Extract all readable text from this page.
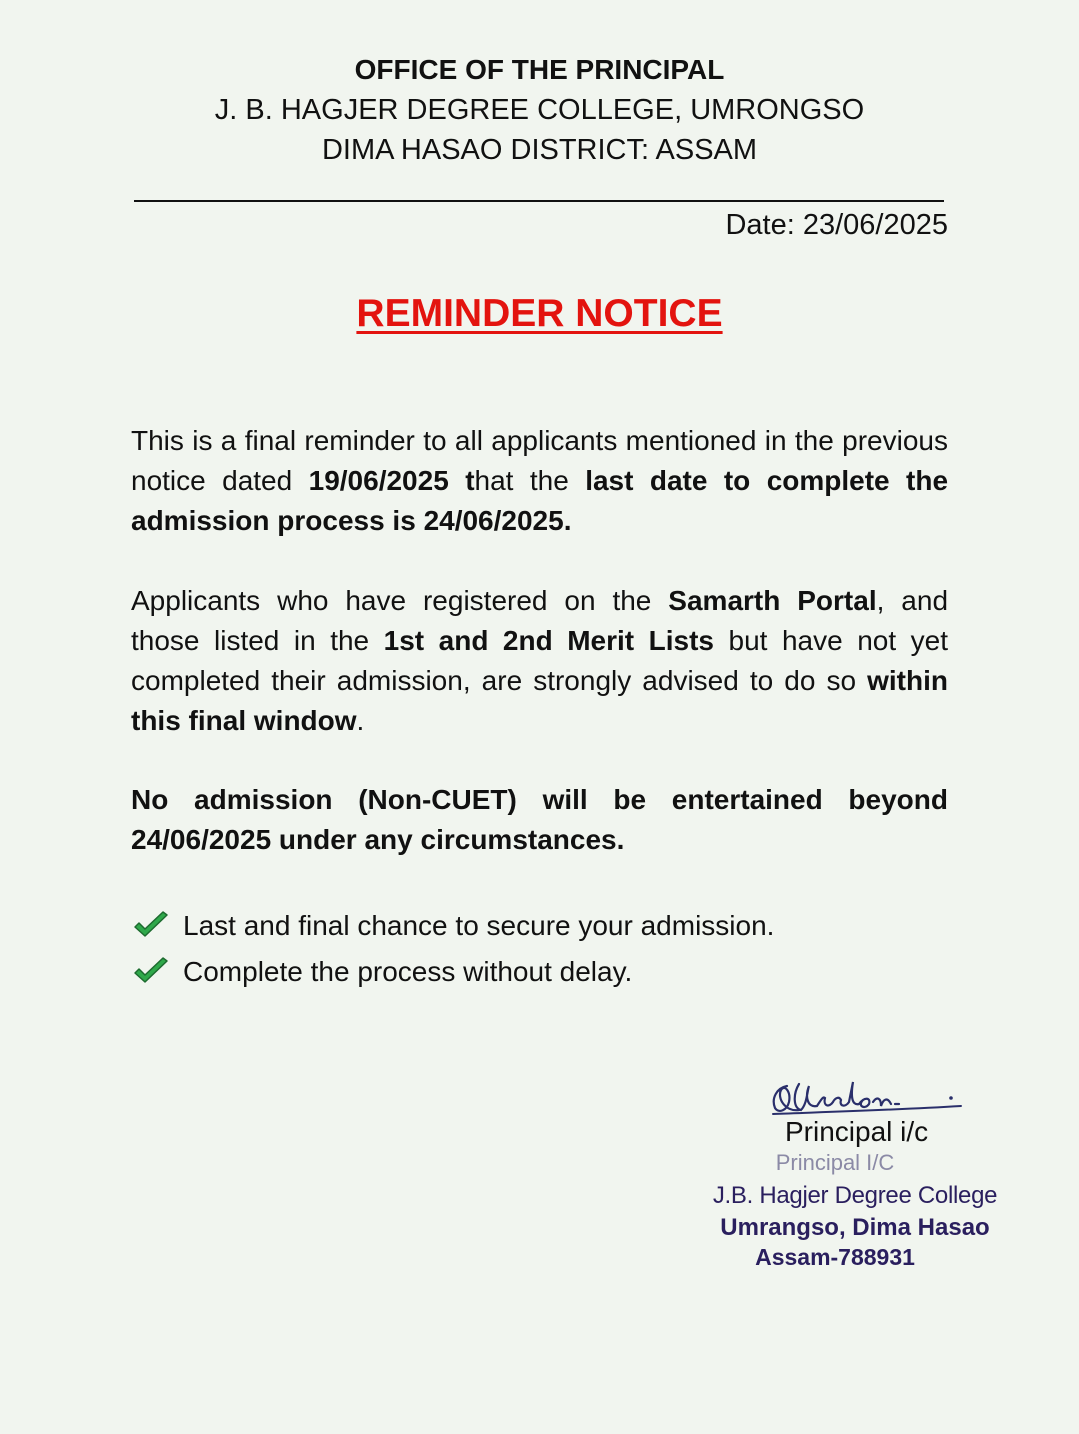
OFFICE OF THE PRINCIPAL
J. B. HAGJER DEGREE COLLEGE, UMRONGSO
DIMA HASAO DISTRICT: ASSAM
Date: 23/06/2025
REMINDER NOTICE
This is a final reminder to all applicants mentioned in the previous notice dated 19/06/2025 that the last date to complete the admission process is 24/06/2025.
Applicants who have registered on the Samarth Portal, and those listed in the 1st and 2nd Merit Lists but have not yet completed their admission, are strongly advised to do so within this final window.
No admission (Non-CUET) will be entertained beyond 24/06/2025 under any circumstances.
Last and final chance to secure your admission.
Complete the process without delay.
Principal i/c
Principal I/C
J.B. Hagjer Degree College
Umrangso, Dima Hasao
Assam-788931
